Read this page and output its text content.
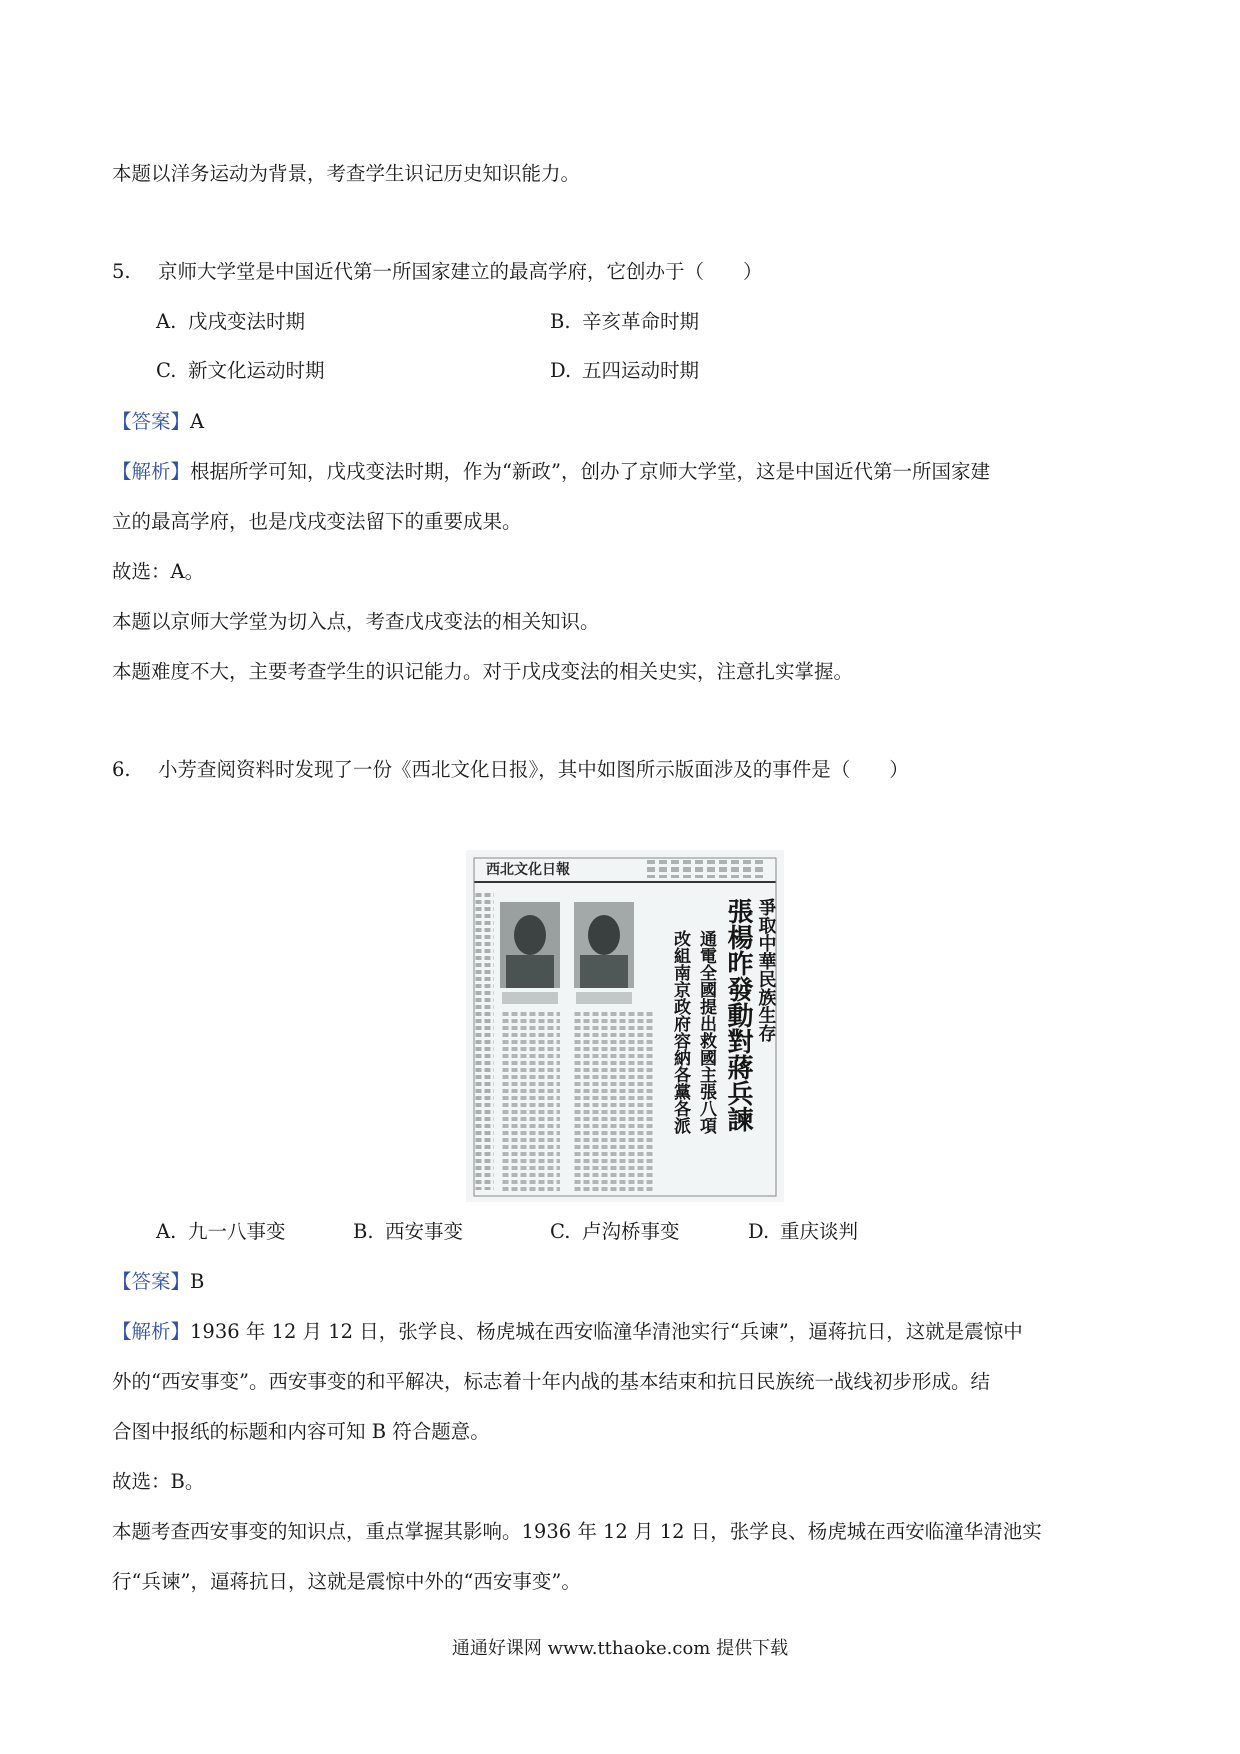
本题以洋务运动为背景，考查学生识记历史知识能力。
5. 京师大学堂是中国近代第一所国家建立的最高学府，它创办于（　　）
A. 戊戌变法时期	B. 辛亥革命时期
C. 新文化运动时期	D. 五四运动时期
【答案】A
【解析】根据所学可知，戊戌变法时期，作为“新政”，创办了京师大学堂，这是中国近代第一所国家建
立的最高学府，也是戊戌变法留下的重要成果。
故选：A。
本题以京师大学堂为切入点，考查戊戌变法的相关知识。
本题难度不大，主要考查学生的识记能力。对于戊戌变法的相关史实，注意扎实掌握。
6. 小芳查阅资料时发现了一份《西北文化日报》，其中如图所示版面涉及的事件是（　　）
西北文化日報
爭取中華民族生存
張楊昨發動對蔣兵諫
通電全國提出救國主張八項
改組南京政府容納各黨各派
A. 九一八事变	B. 西安事变	C. 卢沟桥事变	D. 重庆谈判
【答案】B
【解析】1936 年 12 月 12 日，张学良、杨虎城在西安临潼华清池实行“兵谏”，逼蒋抗日，这就是震惊中
外的“西安事变”。西安事变的和平解决，标志着十年内战的基本结束和抗日民族统一战线初步形成。结
合图中报纸的标题和内容可知 B 符合题意。
故选：B。
本题考查西安事变的知识点，重点掌握其影响。1936 年 12 月 12 日，张学良、杨虎城在西安临潼华清池实
行“兵谏”，逼蒋抗日，这就是震惊中外的“西安事变”。
通通好课网 www.tthaoke.com 提供下载
